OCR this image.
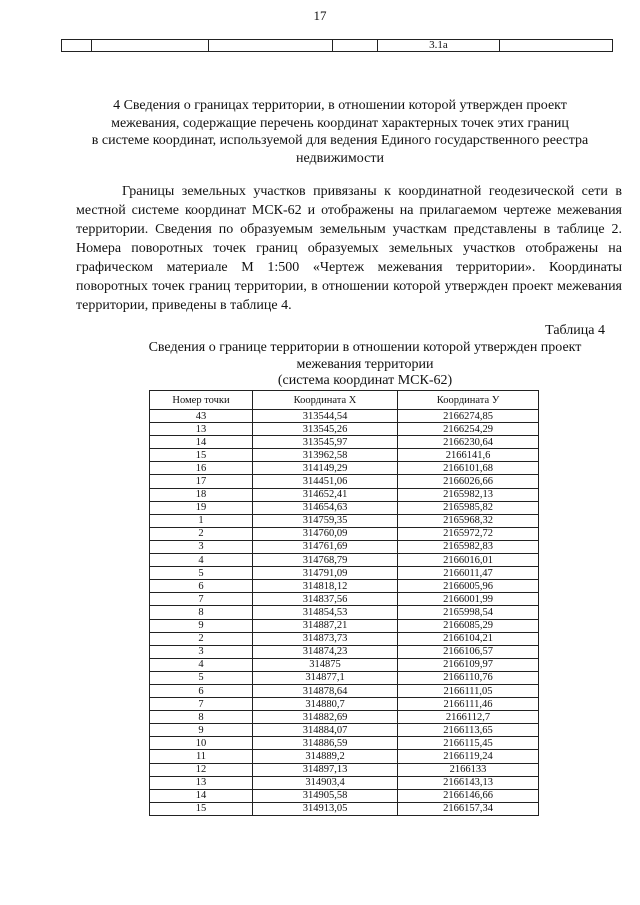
17
				3.1а	
4 Сведения о границах территории, в отношении которой утвержден проект
межевания, содержащие перечень координат характерных точек этих границ
в системе координат, используемой для ведения Единого государственного реестра
недвижимости
Границы земельных участков привязаны к координатной геодезической сети в местной системе координат МСК-62 и отображены на прилагаемом чертеже межевания территории. Сведения по образуемым земельным участкам представлены в таблице 2. Номера поворотных точек границ образуемых земельных участков отображены на графическом материале М 1:500 «Чертеж межевания территории». Координаты поворотных точек границ территории, в отношении которой утвержден проект межевания территории, приведены в таблице 4.
Таблица 4
Сведения о границе территории в отношении которой утвержден проект
межевания территории
(система координат МСК-62)
Номер точки	Координата X	Координата У
43	313544,54	2166274,85
13	313545,26	2166254,29
14	313545,97	2166230,64
15	313962,58	2166141,6
16	314149,29	2166101,68
17	314451,06	2166026,66
18	314652,41	2165982,13
19	314654,63	2165985,82
1	314759,35	2165968,32
2	314760,09	2165972,72
3	314761,69	2165982,83
4	314768,79	2166016,01
5	314791,09	2166011,47
6	314818,12	2166005,96
7	314837,56	2166001,99
8	314854,53	2165998,54
9	314887,21	2166085,29
2	314873,73	2166104,21
3	314874,23	2166106,57
4	314875	2166109,97
5	314877,1	2166110,76
6	314878,64	2166111,05
7	314880,7	2166111,46
8	314882,69	2166112,7
9	314884,07	2166113,65
10	314886,59	2166115,45
11	314889,2	2166119,24
12	314897,13	2166133
13	314903,4	2166143,13
14	314905,58	2166146,66
15	314913,05	2166157,34
